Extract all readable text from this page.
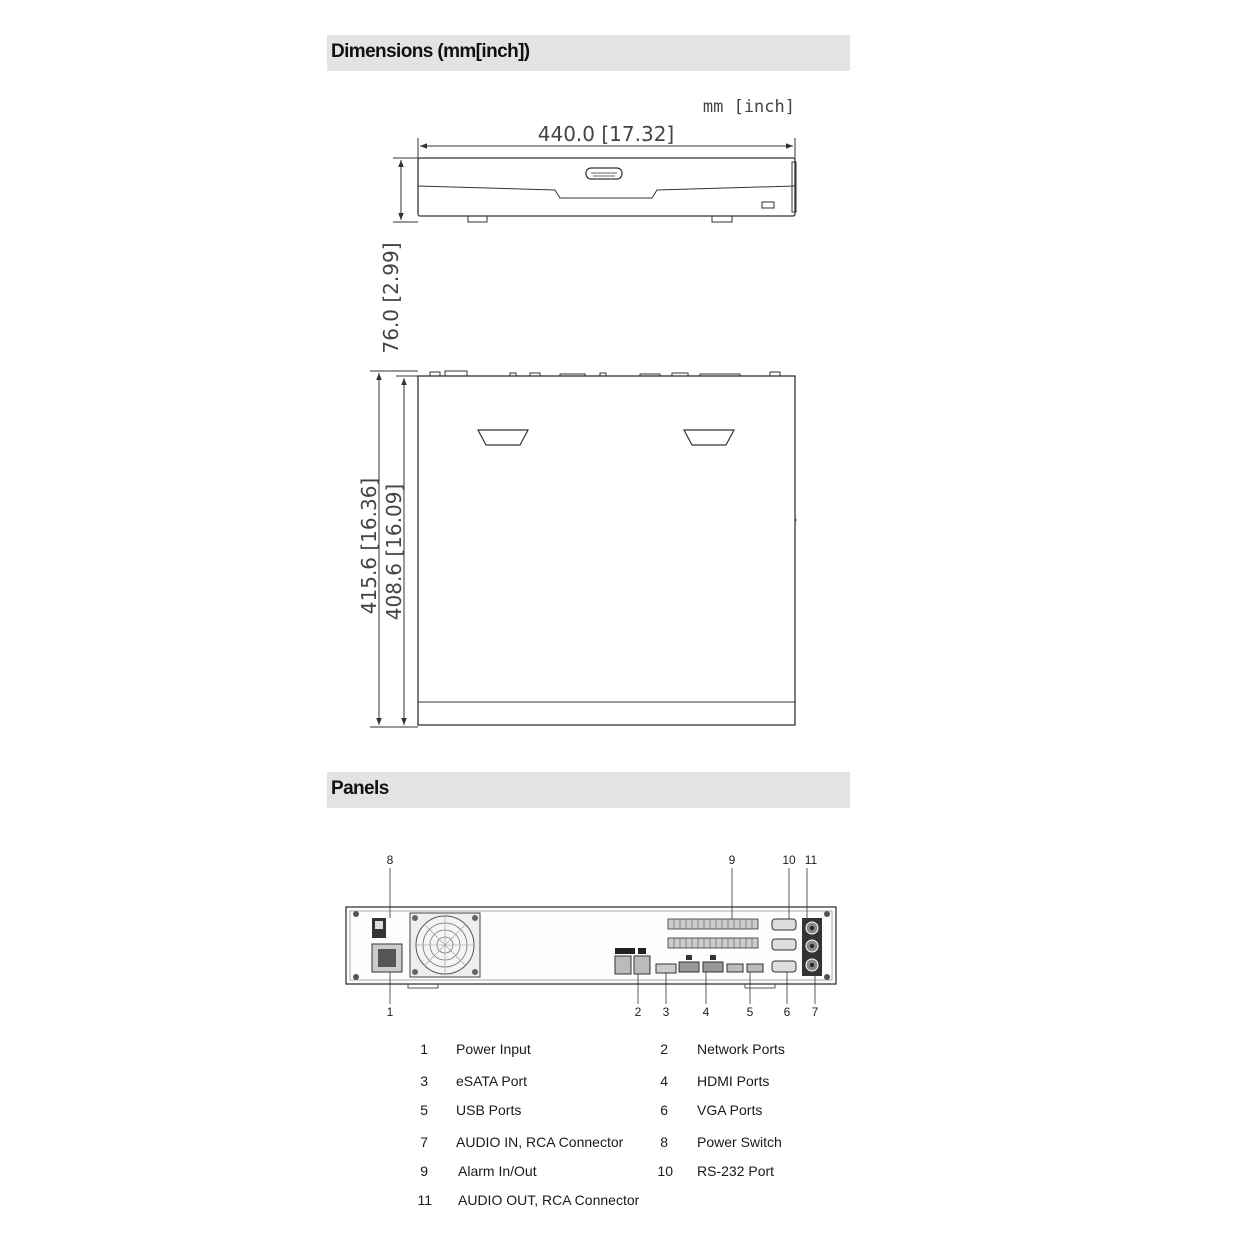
Dimensions (mm[inch])
Panels
mm [inch]
440.0 [17.32]
76.0 [2.99]
415.6 [16.36] 408.6 [16.09]
8	9	10 11
1	2 3	4	5	6 7
1 Power Input	2 Network Ports
3 eSATA Port	4 HDMI Ports
5 USB Ports	6 VGA Ports
7 AUDIO IN, RCA Connector	8 Power Switch
9 Alarm In/Out	10 RS-232 Port
11 AUDIO OUT, RCA Connector
